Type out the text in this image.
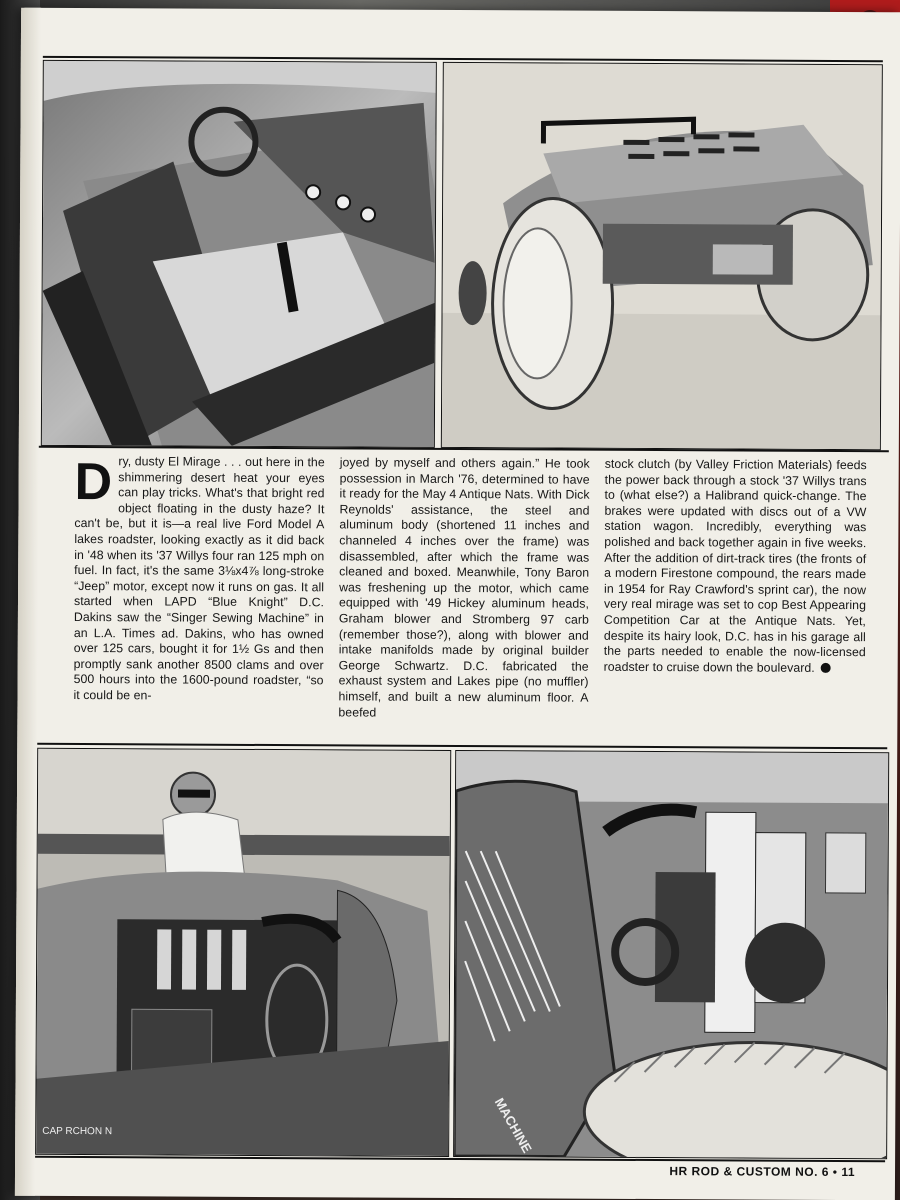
D ry, dusty El Mirage . . . out here in the shimmering desert heat your eyes can play tricks. What's that bright red object floating in the dusty haze? It can't be, but it is—a real live Ford Model A lakes roadster, looking exactly as it did back in '48 when its '37 Willys four ran 125 mph on fuel. In fact, it's the same 3⅛x4⅞ long-stroke “Jeep” motor, except now it runs on gas. It all started when LAPD “Blue Knight” D.C. Dakins saw the “Singer Sewing Machine” in an L.A. Times ad. Dakins, who has owned over 125 cars, bought it for 1½ Gs and then promptly sank another 8500 clams and over 500 hours into the 1600-pound roadster, “so it could be en-
joyed by myself and others again.” He took possession in March '76, determined to have it ready for the May 4 Antique Nats. With Dick Reynolds' assistance, the steel and aluminum body (shortened 11 inches and channeled 4 inches over the frame) was disassembled, after which the frame was cleaned and boxed. Meanwhile, Tony Baron was freshening up the motor, which came equipped with '49 Hickey aluminum heads, Graham blower and Stromberg 97 carb (remember those?), along with blower and intake manifolds made by original builder George Schwartz. D.C. fabricated the exhaust system and Lakes pipe (no muffler) himself, and built a new aluminum floor. A beefed
stock clutch (by Valley Friction Materials) feeds the power back through a stock '37 Willys trans to (what else?) a Halibrand quick-change. The brakes were updated with discs out of a VW station wagon. Incredibly, everything was polished and back together again in five weeks. After the addition of dirt-track tires (the fronts of a modern Firestone compound, the rears made in 1954 for Ray Crawford's sprint car), the now very real mirage was set to cop Best Appearing Competition Car at the Antique Nats. Yet, despite its hairy look, D.C. has in his garage all the parts needed to enable the now-licensed roadster to cruise down the boulevard.
CAP RCHON N	MACHINE
HR ROD & CUSTOM NO. 6 • 11
